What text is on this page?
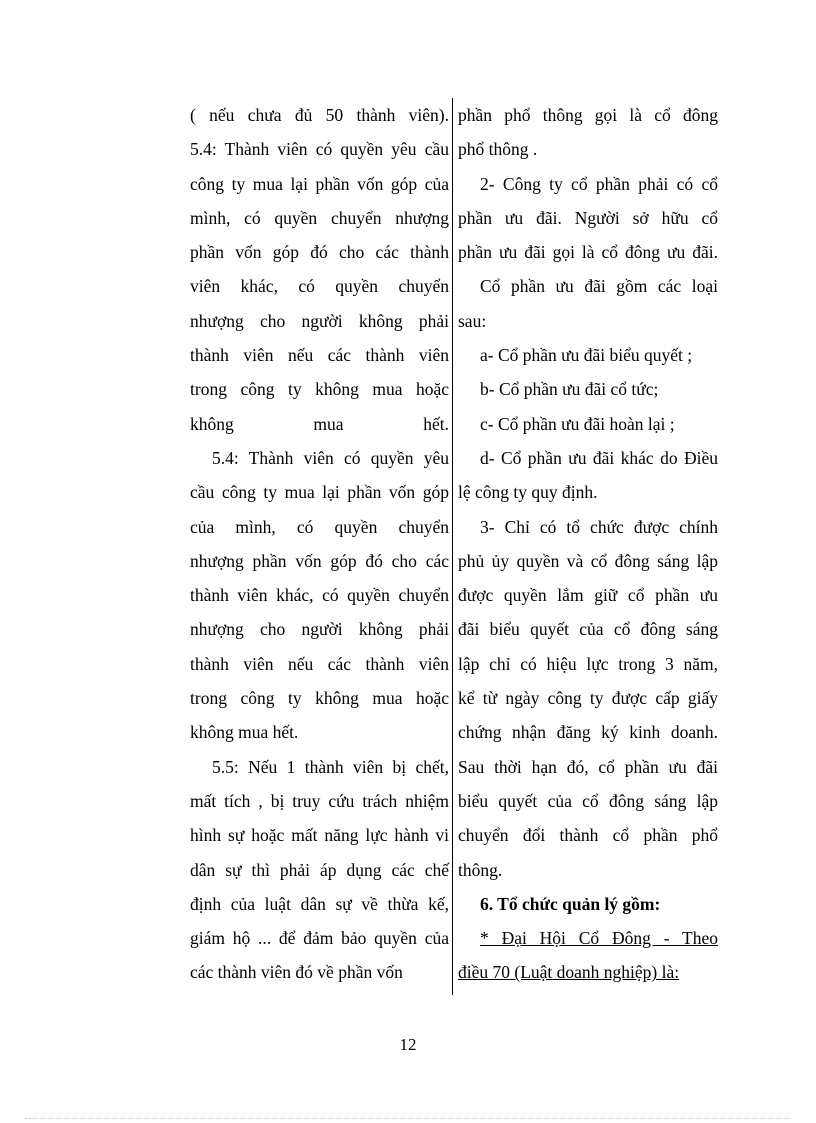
( nếu chưa đủ 50 thành viên).
5.4: Thành viên có quyền yêu cầu
công ty mua lại phần vốn góp của
mình, có quyền chuyển nhượng
phần vốn góp đó cho các thành
viên khác, có quyền chuyển
nhượng cho người không phải
thành viên nếu các thành viên
trong công ty không mua hoặc
không mua hết.
5.4: Thành viên có quyền yêu
cầu công ty mua lại phần vốn góp
của mình, có quyền chuyển
nhượng phần vốn góp đó cho các
thành viên khác, có quyền chuyển
nhượng cho người không phải
thành viên nếu các thành viên
trong công ty không mua hoặc
không mua hết.
5.5: Nếu 1 thành viên bị chết,
mất tích , bị truy cứu trách nhiệm
hình sự hoặc mất năng lực hành vi
dân sự thì phải áp dụng các chế
định của luật dân sự về thừa kế,
giám hộ ... để đảm bảo quyền của
các thành viên đó về phần vốn
phần phổ thông gọi là cổ đông
phổ thông .
2- Công ty cổ phần phải có cổ
phần ưu đãi. Người sở hữu cổ
phần ưu đãi gọi là cổ đông ưu đãi.
Cổ phần ưu đãi gồm các loại
sau:
a- Cổ phần ưu đãi biểu quyết ;
b- Cổ phần ưu đãi cổ tức;
c- Cổ phần ưu đãi hoàn lại ;
d- Cổ phần ưu đãi khác do Điều
lệ công ty quy định.
3- Chỉ có tổ chức được chính
phủ ủy quyền và cổ đông sáng lập
được quyền lắm giữ cổ phần ưu
đãi biểu quyết của cổ đông sáng
lập chỉ có hiệu lực trong 3 năm,
kể từ ngày công ty được cấp giấy
chứng nhận đăng ký kinh doanh.
Sau thời hạn đó, cổ phần ưu đãi
biểu quyết của cổ đông sáng lập
chuyển đổi thành cổ phần phổ
thông.
6. Tổ chức quản lý gồm:
* Đại Hội Cổ Đông - Theo
điều 70 (Luật doanh nghiệp) là:
12
